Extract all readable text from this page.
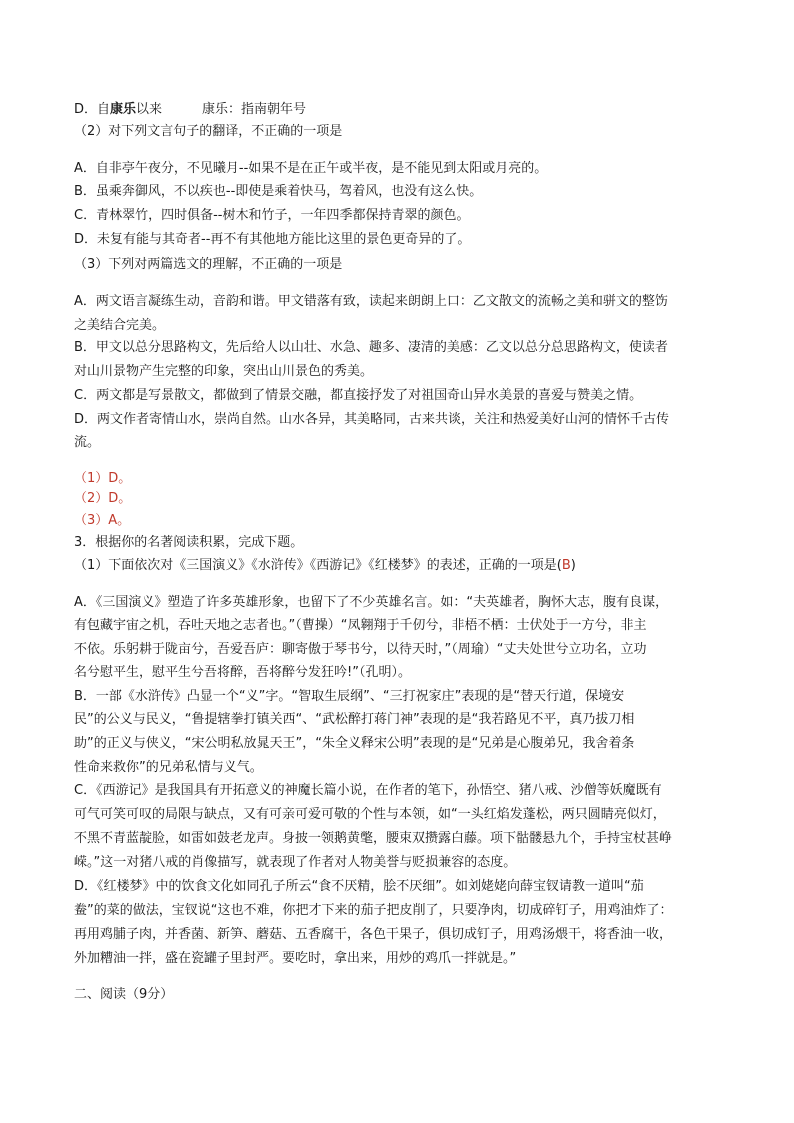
D．自康乐以来	康乐：指南朝年号
（2）对下列文言句子的翻译，不正确的一项是
A．自非亭午夜分，不见曦月--如果不是在正午或半夜，是不能见到太阳或月亮的。
B．虽乘奔御风，不以疾也--即使是乘着快马，驾着风，也没有这么快。
C．青林翠竹，四时俱备--树木和竹子，一年四季都保持青翠的颜色。
D．未复有能与其奇者--再不有其他地方能比这里的景色更奇异的了。
（3）下列对两篇选文的理解，不正确的一项是
A．两文语言凝练生动，音韵和谐。甲文错落有致，读起来朗朗上口：乙文散文的流畅之美和骈文的整饬
之美结合完美。
B．甲文以总分思路构文，先后给人以山壮、水急、趣多、凄清的美感：乙文以总分总思路构文，使读者
对山川景物产生完整的印象，突出山川景色的秀美。
C．两文都是写景散文，都做到了情景交融，都直接抒发了对祖国奇山异水美景的喜爱与赞美之情。
D．两文作者寄情山水，崇尚自然。山水各异，其美略同，古来共谈，关注和热爱美好山河的情怀千古传
流。
（1）D。
（2）D。
（3）A。
3．根据你的名著阅读积累，完成下题。
（1）下面依次对《三国演义》《水浒传》《西游记》《红楼梦》的表述，正确的一项是(B)
A．《三国演义》塑造了许多英雄形象，也留下了不少英雄名言。如：“夫英雄者，胸怀大志，腹有良谋，
有包藏宇宙之机，吞吐天地之志者也。”（曹操）“凤翱翔于千仞兮，非梧不栖：士伏处于一方兮，非主
不依。乐躬耕于陇亩兮，吾爱吾庐：聊寄傲于琴书兮，以待天时，”（周瑜）“丈夫处世兮立功名，立功
名兮慰平生，慰平生兮吾将醉，吾将醉兮发狂吟!”（孔明）。
B．一部《水浒传》凸显一个“义”字。“智取生辰纲”、“三打祝家庄”表现的是“替天行道，保境安
民”的公义与民义，“鲁提辖拳打镇关西“、“武松醉打蒋门神”表现的是“我若路见不平，真乃拔刀相
助”的正义与侠义，“宋公明私放晁天王”，“朱全义释宋公明”表现的是“兄弟是心腹弟兄，我舍着条
性命来救你”的兄弟私情与义气。
C．《西游记》是我国具有开拓意义的神魔长篇小说，在作者的笔下，孙悟空、猪八戒、沙僧等妖魔既有
可气可笑可叹的局限与缺点，又有可亲可爱可敬的个性与本领，如“一头红焰发蓬松，两只圆睛亮似灯，
不黑不青蓝靛脸，如雷如鼓老龙声。身披一领鹅黄氅，腰束双攒露白藤。项下骷髅悬九个，手持宝杖甚峥
嵘。”这一对猪八戒的肖像描写，就表现了作者对人物美誉与贬损兼容的态度。
D．《红楼梦》中的饮食文化如同孔子所云“食不厌精，脍不厌细”。如刘姥姥向薛宝钗请教一道叫“茄
鲞”的菜的做法，宝钗说“这也不难，你把才下来的茄子把皮削了，只要净肉，切成碎钉子，用鸡油炸了：
再用鸡脯子肉，并香菌、新笋、蘑菇、五香腐干，各色干果子，俱切成钉子，用鸡汤煨干，将香油一收，
外加糟油一拌，盛在瓷罐子里封严。要吃时，拿出来，用炒的鸡爪一拌就是。”
二、阅读（9分）
